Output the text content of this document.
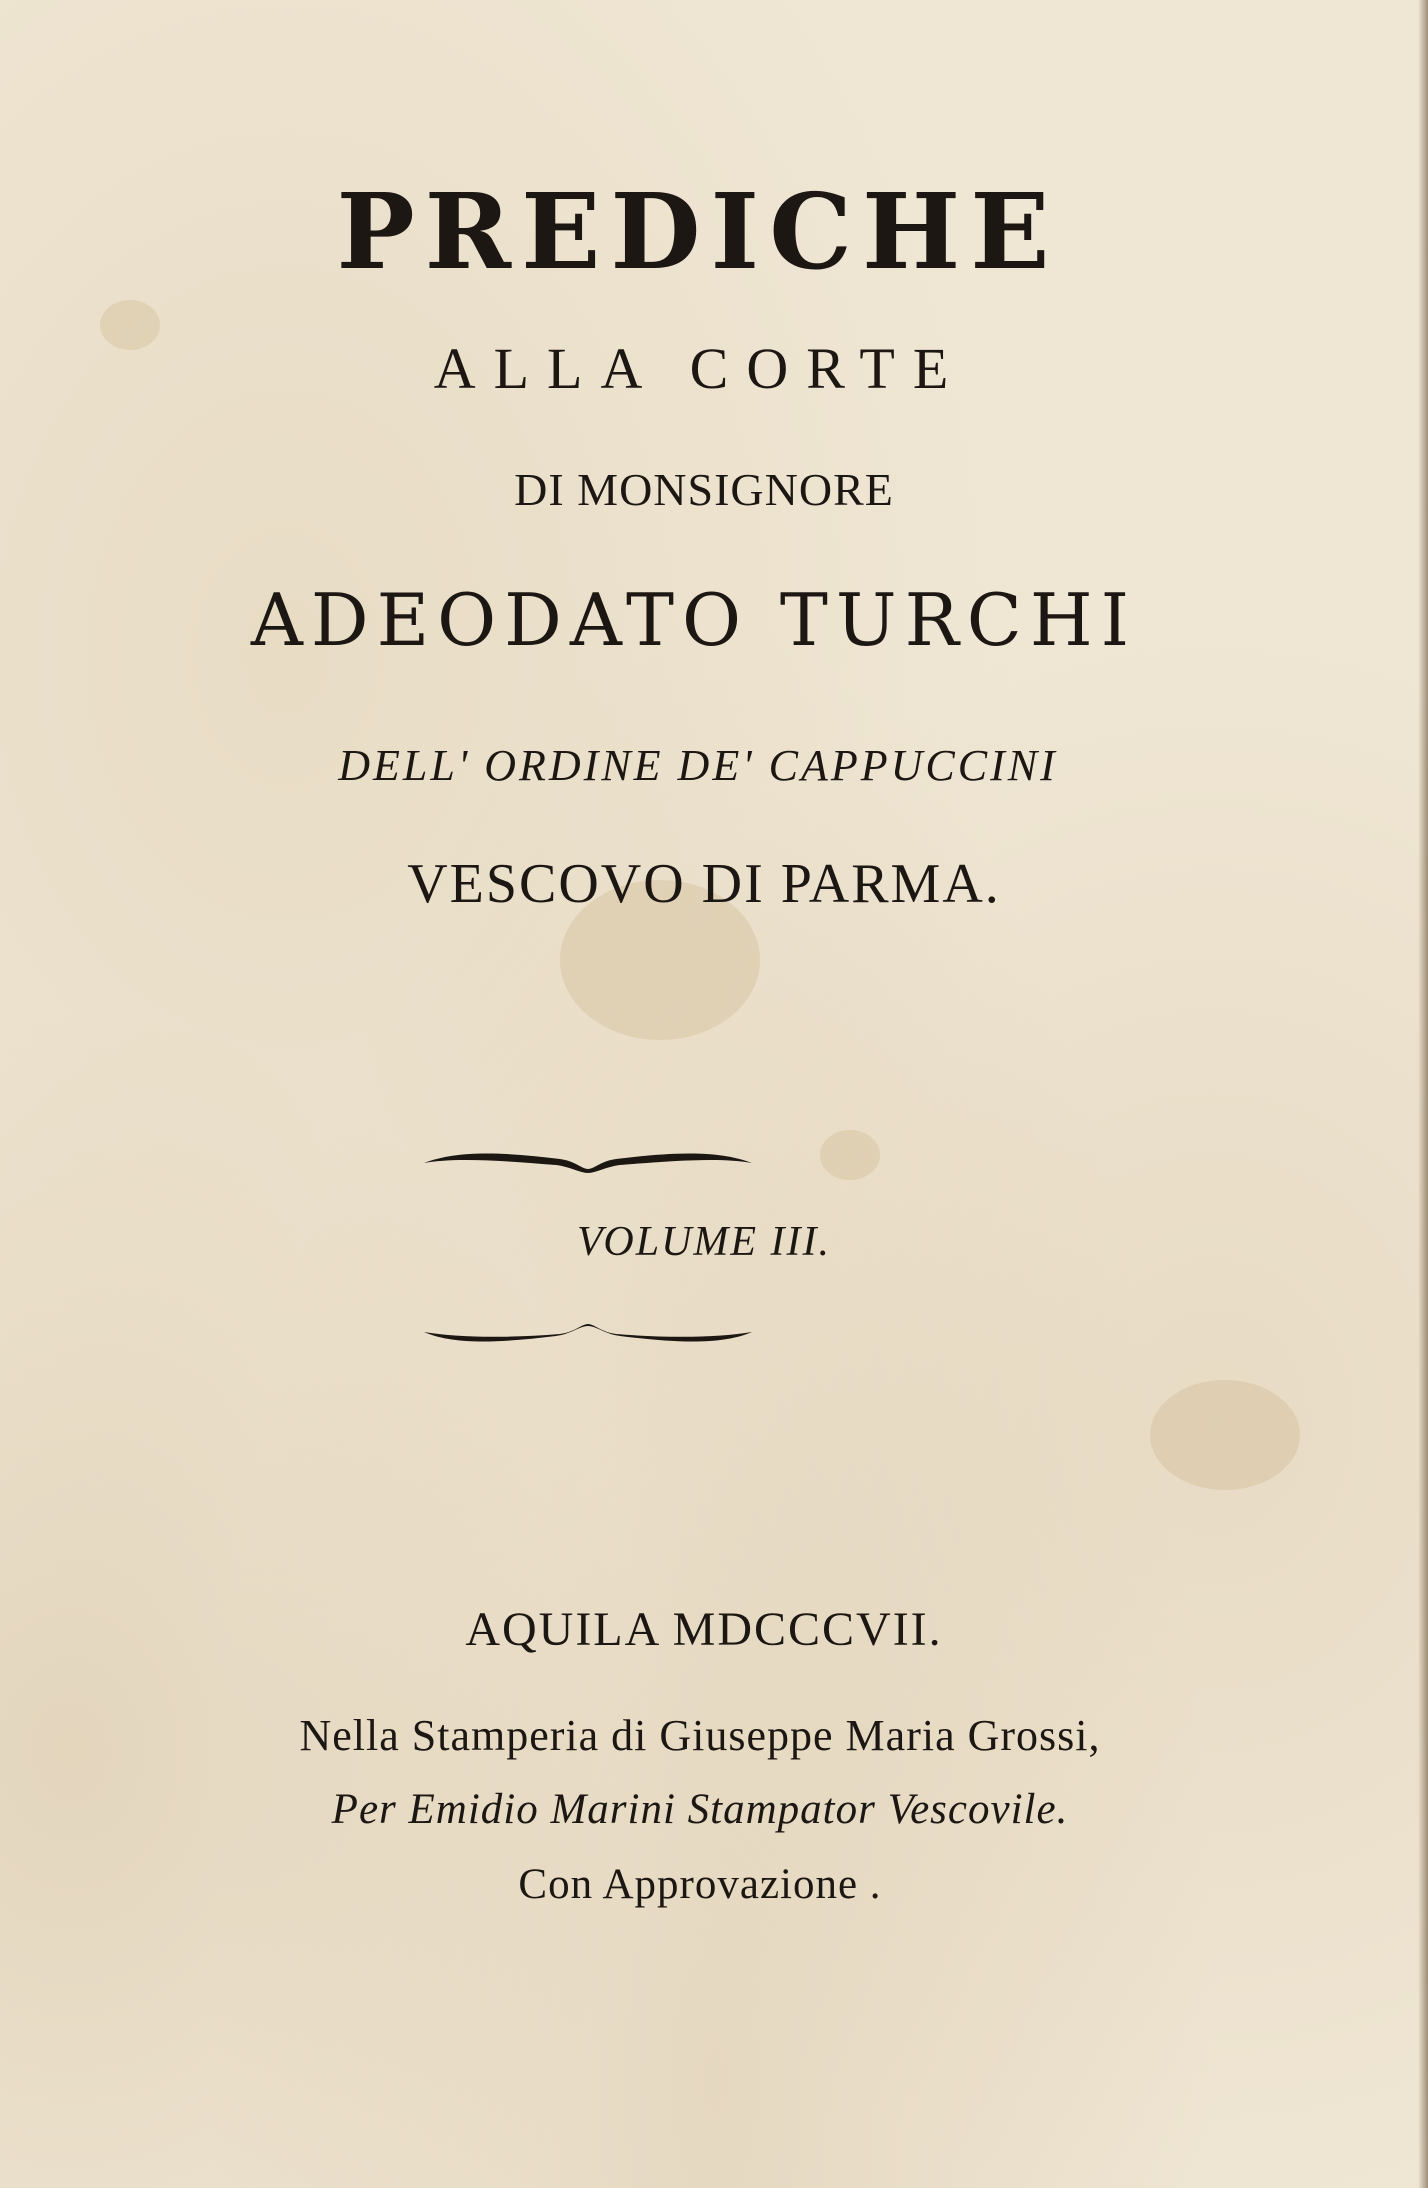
PREDICHE
ALLA CORTE
DI MONSIGNORE
ADEODATO TURCHI
DELL' ORDINE DE' CAPPUCCINI
VESCOVO DI PARMA.
VOLUME III.
AQUILA MDCCCVII.
Nella Stamperia di Giuseppe Maria Grossi,
Per Emidio Marini Stampator Vescovile.
Con Approvazione .
